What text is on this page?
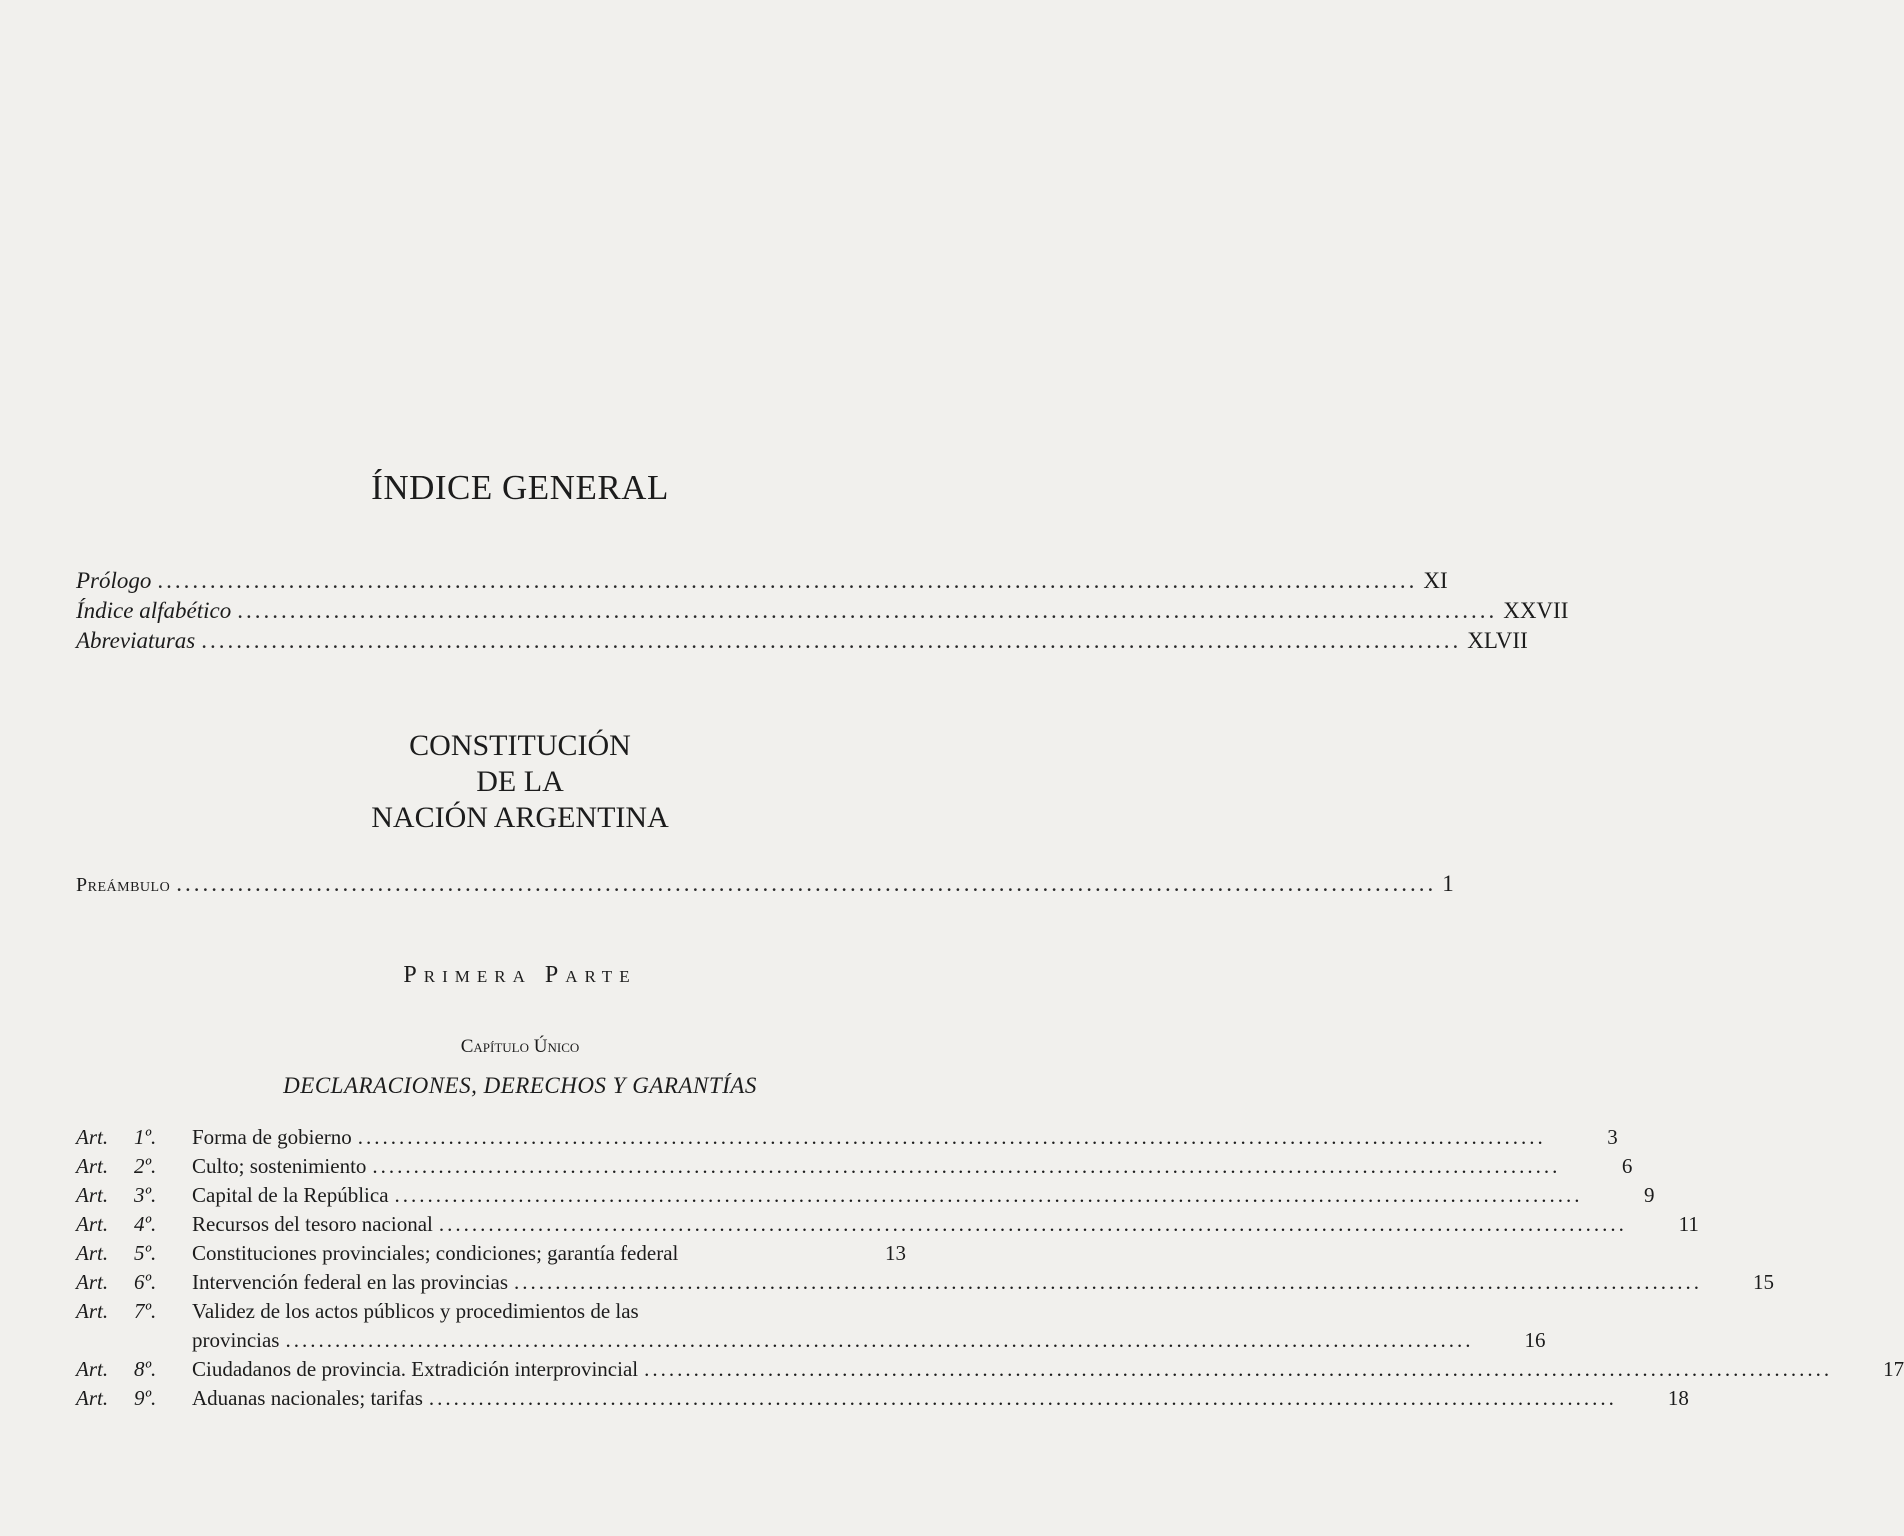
ÍNDICE GENERAL
Prólogo .....	XI
Índice alfabético .....	XXVII
Abreviaturas .....	XLVII
CONSTITUCIÓN
DE LA
NACIÓN ARGENTINA
Preámbulo .....	1
Primera Parte
Capítulo Único
DECLARACIONES, DERECHOS Y GARANTÍAS
Art.	1º.	Forma de gobierno .....	3
Art.	2º.	Culto; sostenimiento .....	6
Art.	3º.	Capital de la República .....	9
Art.	4º.	Recursos del tesoro nacional .....	11
Art.	5º.	Constituciones provinciales; condiciones; garantía federal	13
Art.	6º.	Intervención federal en las provincias .....	15
Art.	7º.	Validez de los actos públicos y procedimientos de las
provincias .....	16
Art.	8º.	Ciudadanos de provincia. Extradición interprovincial .....	17
Art.	9º.	Aduanas nacionales; tarifas .....	18
